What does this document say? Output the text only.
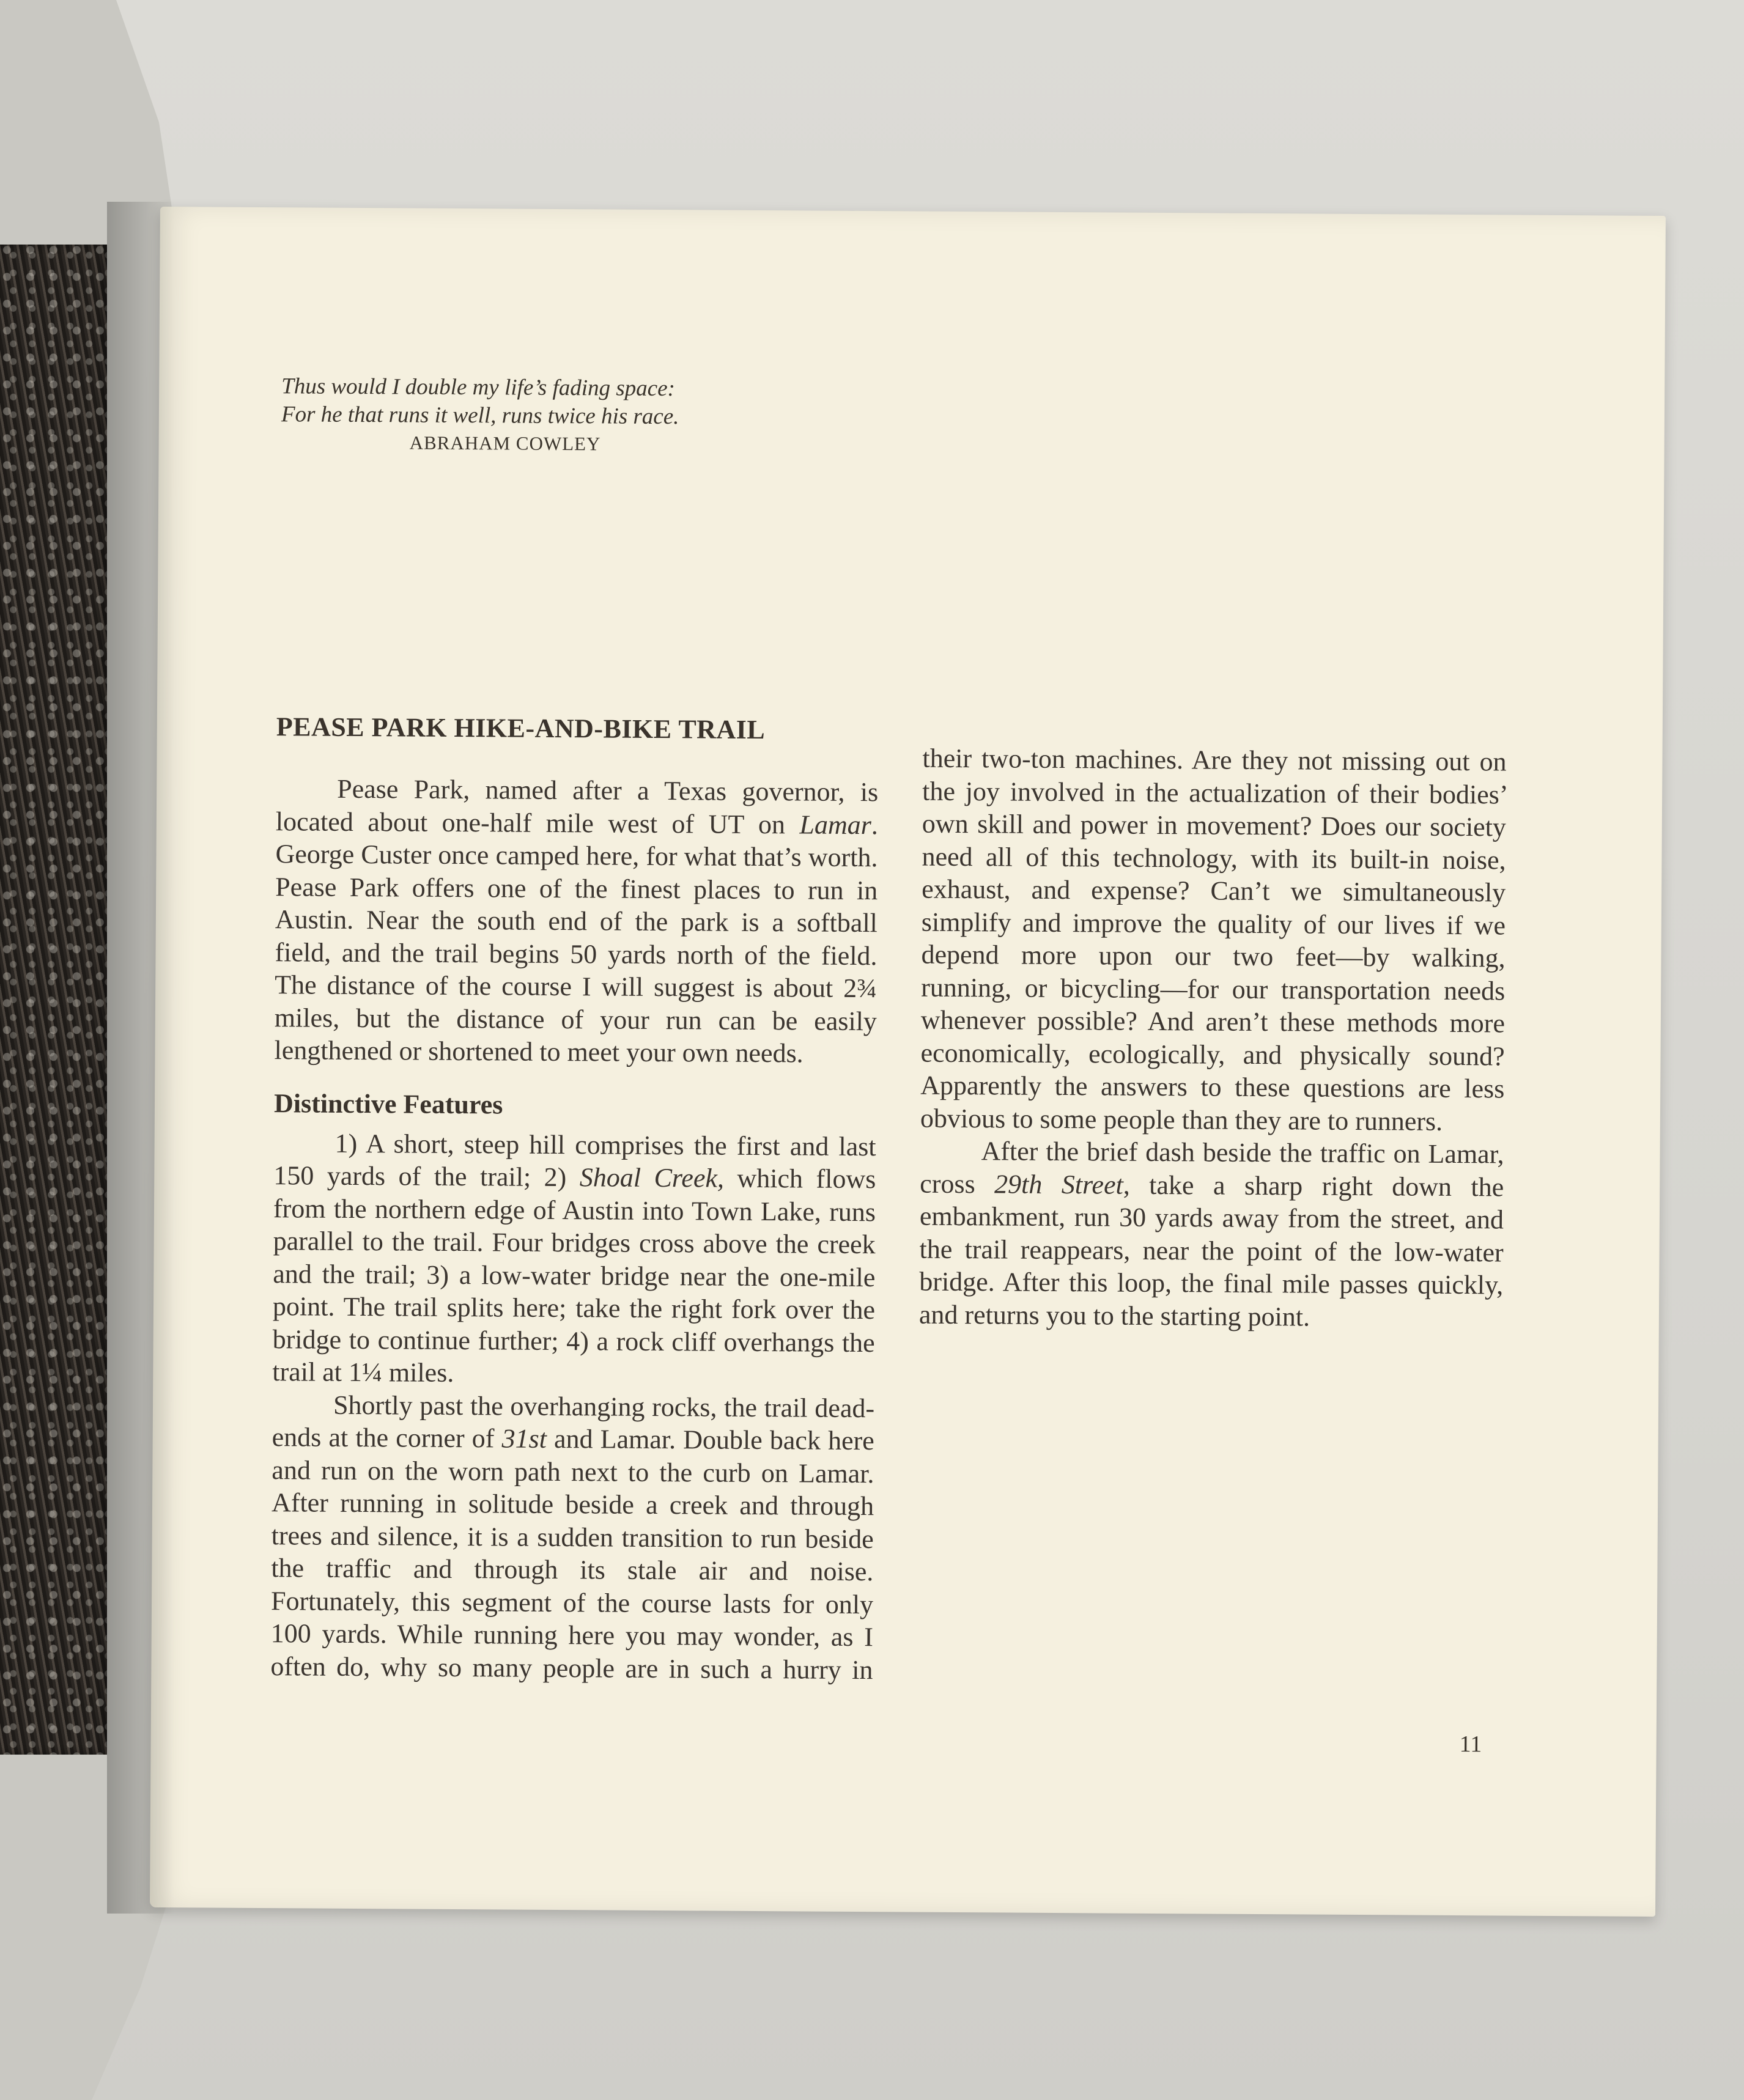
Thus would I double my life’s fading space:
For he that runs it well, runs twice his race.
ABRAHAM COWLEY
PEASE PARK HIKE-AND-BIKE TRAIL

Pease Park, named after a Texas governor, is located about one-half mile west of UT on Lamar. George Custer once camped here, for what that’s worth. Pease Park offers one of the finest places to run in Austin. Near the south end of the park is a softball field, and the trail begins 50 yards north of the field. The distance of the course I will suggest is about 2¾ miles, but the distance of your run can be easily lengthened or shortened to meet your own needs.

Distinctive Features

1) A short, steep hill comprises the first and last 150 yards of the trail; 2) Shoal Creek, which flows from the northern edge of Austin into Town Lake, runs parallel to the trail. Four bridges cross above the creek and the trail; 3) a low-water bridge near the one-mile point. The trail splits here; take the right fork over the bridge to continue further; 4) a rock cliff overhangs the trail at 1¼ miles.

Shortly past the overhanging rocks, the trail dead-ends at the corner of 31st and Lamar. Double back here and run on the worn path next to the curb on Lamar. After running in solitude beside a creek and through trees and silence, it is a sudden transition to run beside the traffic and through its stale air and noise. Fortunately, this segment of the course lasts for only 100 yards. While running here you may wonder, as I often do, why so many people are in such a hurry in

their two-ton machines. Are they not missing out on the joy involved in the actualization of their bodies’ own skill and power in movement? Does our society need all of this technology, with its built-in noise, exhaust, and expense? Can’t we simultaneously simplify and improve the quality of our lives if we depend more upon our two feet—by walking, running, or bicycling—for our transportation needs whenever possible? And aren’t these methods more economically, ecologically, and physically sound? Apparently the answers to these questions are less obvious to some people than they are to runners.

After the brief dash beside the traffic on Lamar, cross 29th Street, take a sharp right down the embankment, run 30 yards away from the street, and the trail reappears, near the point of the low-water bridge. After this loop, the final mile passes quickly, and returns you to the starting point.

11
